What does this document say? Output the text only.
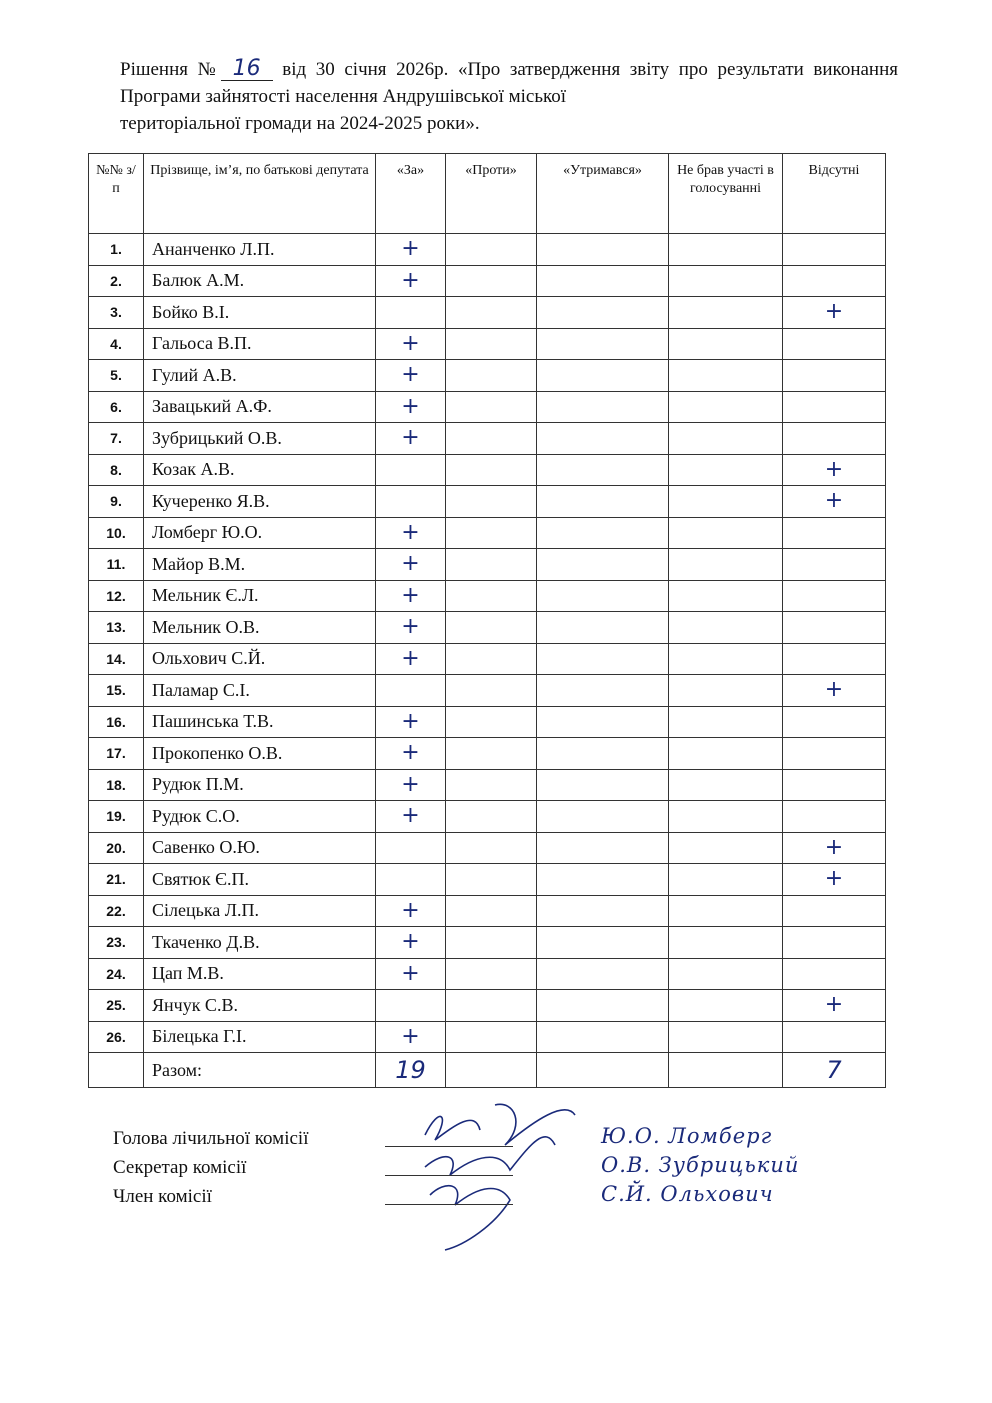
Рішення № 16 від 30 січня 2026р. «Про затвердження звіту про результати виконання Програми зайнятості населення Андрушівської міської
територіальної громади на 2024-2025 роки».
№№ з/п	Прізвище, ім’я, по батькові депутата	«За»	«Проти»	«Утримався»	Не брав участі в голосуванні	Відсутні
1.	Ананченко Л.П.	+				
2.	Балюк А.М.	+				
3.	Бойко В.І.					+
4.	Гальоса В.П.	+				
5.	Гулий А.В.	+				
6.	Завацький А.Ф.	+				
7.	Зубрицький О.В.	+				
8.	Козак А.В.					+
9.	Кучеренко Я.В.					+
10.	Ломберг Ю.О.	+				
11.	Майор В.М.	+				
12.	Мельник Є.Л.	+				
13.	Мельник О.В.	+				
14.	Ольхович С.Й.	+				
15.	Паламар С.І.					+
16.	Пашинська Т.В.	+				
17.	Прокопенко О.В.	+				
18.	Рудюк П.М.	+				
19.	Рудюк С.О.	+				
20.	Савенко О.Ю.					+
21.	Святюк Є.П.					+
22.	Сілецька Л.П.	+				
23.	Ткаченко Д.В.	+				
24.	Цап М.В.	+				
25.	Янчук С.В.					+
26.	Білецька Г.І.	+				
	Разом:	19				7
Голова лічильної комісії	Ю.О. Ломберг
Секретар комісії	О.В. Зубрицький
Член комісії	С.Й. Ольхович
